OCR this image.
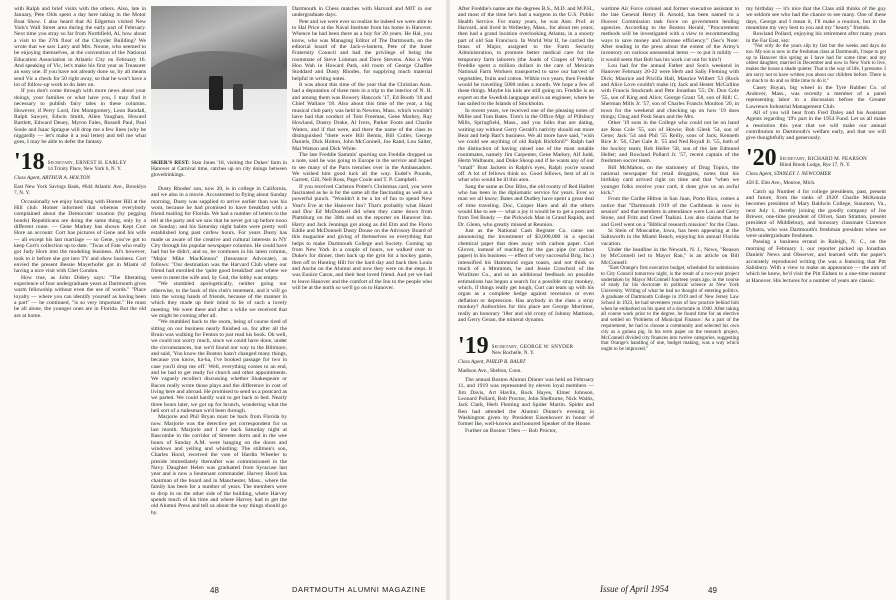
with Ralph and brief visits with the others. Also, late in January, Pete Olds spent a day here taking in the Motor Boat Show. I also heard that Al Edgerton visited New York's Wall Street area during the early part of February. Next time you stray so far from Northfield, Al, how about a visit to the 27th floor of the Chrysler Building? We wrote that we saw Larry and Mrs. Noone, who seemed to be enjoying themselves, at the convention of the National Education Association in Atlantic City on February 16. And speaking of Vic, let's make his first year as Treasurer an easy one. If you have not already done so, by all means send Vic a check for 50 right away, so that he won't have a lot of follow-up work to do later on.

If you don't come through with more news about your doings, your families or what have you, I may find it necessary to publish fairy tales in these columns. However, if Perry Lord, Jim Montgomery, Leon Randall, Ralph Sawyer, Edwin Smith, Allen Vaughan, Howard Bartlett, Edward Deuey, Myron Fales, Russell Paul, Paul Soule and Isaac Sprague will drop me a few lines (why be niggardly — let's make it a real letter) and tell me what goes, I may be able to defer the fantasy.

'18 Secretary, ERNEST H. EARLEY
14 Trinity Place, New York 6, N. Y.
Class Agent, ARTHUR A. HOLTON
East New York Savings Bank, #644 Atlantic Ave., Brooklyn 7, N. Y.

Occasionally we enjoy lunching with Homer Hill at the Hill club. Homer informed that whereas everybody complained about the Democrats' taxation (by pegging bonds) Republicans are doing the same thing, only by a different route. — Gene Markey has shown Kept Cort Hore an account: Cort has pictures of Gene and his wife — all except his last marriage — so Gene, you've got to keep Cort's collection up to date. "Twas of Fate who really got Judy Hore into the modeling business. Al's however, took to it before she got into TV and show business. Cort envied the present Bessie Mayerhofer got in Miami of having a nice visit with Chet Condon.

How true, as John Didery says: "The liberating experience of four undergraduate years at Dartmouth gives warm fellowship without even the use of words." "Place loyalty — where you can identify yourself as having been a part" — he continued, "is so very important." He must be all alone, the younger ones are in Florida. But the old are at home.

SKIER'S REST: Stan Jones '18, visiting the Dukes' farm in Hanover at Carnival time, catches up on city doings between glovedrinkings.

Dusty Rhodes' son, now 20, is in college in California, and we also in a movie. Accustomed to flying about Sunday morning, Dusty was supplied to arrive earlier than was his wont, because he had promised to have breakfast with a friend mailing for Florida. We had a number of letters to the tell at the party and we saw that he never got up before noon on Sunday; and his Saturday night habits were pretty well established long past curfew hours. For years Dusty has made us aware of the creative and cultural interests in NY City through his popular newspaper columns. He could have had but he didn't, and so, he continues in his latest column, "Major Mike MacKinnon" (Insurance Advocate), as follows: "Our destination was the Harvard Club where our friend had enrolled the 'quite good breakfast' and where we were to meet the wife and, by God, the lobby was empty.

"We stumbled apologetically, neither going nor otherwise, to the back of this club's tenement, and it will go into the wrong hands of friends, because of the manner in which they made up their mind to be of such a lovely meeting. We were there and after a while we received that we might be coming after all.

"We stumbled back to the room, being of course tired of sitting on our business nearly finished so, for after all the Bruin was walking for Fenton to just read his book. Oh well, we could not worry much, since we could have done, under the circumstances, but we'd found our way to the Biltmore, and said, 'You know the Boston hasn't changed many things, because you know, ha-ha, I've booked passage for two in case you'll drop me off.' Well, everything comes to an end, and he had to get ready for church and other appointments. We vaguely recollect discussing whether Shakespeare or Bacon really wrote those plays and the difference in cost of living here and abroad. He promised to send us a postcard as we parted. We could hardly wait to get back to bed. Nearly three hours later, we got up for brunch, wondering what the hell sort of a rudesman we'd been through.

Marjorie and Phil Bryan must be back from Florida by now. Marjorie was the detective pet correspondent for us last month. Marjorie and I are back Saturday night at Bascombe in the corridor of Streeter dorm and in the wee hours of Sunday A.M. were banging on the doors and windows and yelling and whistling. The stillmen's son, Charles Hood, received the vote of Hardin Wheeler to preside immediately thereafter was commissioned in the Navy. Daughter Helen was graduated from Syracuse last year and is now a lieutenant commander. Harvey Hood has chairman of the board and in Manchester, Mass., where the family has been for a number of years. The members were to drop in on the other side of the building, where Harvey spends much of his time and where Harvey had to get the old Alumni Press and tell us about the way things should go by.

Dartmouth in Chess matches with Harvard and MIT in our undergraduate days.

Pete and we were ever so realize he indeed we were able to to Hal Price at the Naval Institute from his home in Hanover. Whence he had been there as a boy for 20 years. He Hal, you know, who was Managing Editor of The Dartmouth, on the editorial board of the Jack-o-lantern, Pete of the Inner Fraternity Council and had the privilege of being the roommate of Steve Lohman and Dave Stevens. Also a Wah Hoo Wah in Howard Park, old room of George Chaffee Stoddard and Dusty Rhodes, for supplying much material helpful in writing notes.

It was about this time of the year that the Christian Assn. had a deputation of three men in a trip to the interior of N. H. and among them was Bowery Hancock '17, Ed Booth '18 and Chief Wallace '18. Also about this time of the year, a big musical club party was held in Newton, Mass. which wouldn't have had that conduct of Tom Freeman, Gene Markey, Ray Howland, Dustry Drake, Al Ivers, Parker Foote and Charlie Waters, and if that were, and there the name of the class to distinguished "there were Bill Bemis, Bill Cutler, George Daniels, Dick Holton, John McConnell, Joe Rand, Lou Salter, Mal Watson and Dick White.

The late Freddie Sammis' sporting son Freddie dropped us a note, said he was going to Europe in the service and hoped to see many of the Paris trenches over in the Ambassadors. We wished him good luck all the way. Eudel's Pounds, Garrett, Gill, Nell Ross, Page Coole and T. P. Campbell.

If you received Carleton Potter's Christmas card, you were fascinated as he is for the same all the fascinating as well as a powerful punch. "Wouldn't it be a lot of fun to spend New Year's Eve at the Hanover Inn? That's probably what Hazel and Doc Ed McDonnell did when they came down from Plattsburg on the 30th and on the reporter on Hanover Inn. Harry and Jack Jennings got along as did Elm and the Florio Eddie and McDonnell Dusty Douse on the Advisory Board of this magazine and giving of themselves so everything that helps to make Dartmouth College and Society. Coming up from New York in a couple of hours, we walked over to Duke's for dinner, then back up the gym for a hockey game, then off to Hunting Hill for the hard day and back then Louis and Aoche on the Alumni and now they were on the steps. It was Eunice Caton, and their best loved friend. And yet we had to leave Hanover and the comfort of the Inn to the people who will be at the north so we'll go on to Hanover.

48	DARTMOUTH ALUMNI MAGAZINE

After Freddie's name are the degrees B.S., M.D. and M.P.H., and most of the time he's had a surgeon in the U.S. Public Health Service. For many years, he was Asst. Prof. at Harvard, and lived in Wellesley, Mass., for about ten years; then had a grand location overlooking Atlanta, in a snooty part of old San Francisco. In World War II, he carried the brass of Major, assigned to the Farm Security Administration, to promote better medical care for the temporary farm laborers (the Joads of Grapes of Wrath). Freddie spent a million dollars in the care of Mexican National Farm Workers transported to save our harvest of vegetables, fruits and cotton. Within two years, then Freddie would be travelling 5000 miles a month. We hope a few of these things. Maybe his kids are still going on. Freddie is an expert on the Swedish language and is an engineer, where he has sailed to the Islands of Stockholm.

In recent years, we received one of the pleasing notes of Millie and Tom Bates. Tom's in the Office Mgr. of Pillsbury Mills, Springfield, Mass., and you folks that are dating, waiting say without Gerry Gerald's nativity should eat more Bear and help Bart's business. We all more have said, "wish we could see anything of old Ralph Bickford?" Ralph had the distinction of having raised one of the most notable roommates, namely Jim Carpenter, Gene Markey, Alf Judd, Herm Walbaum, and Duke Shoup and if he wants any of our "small" Bust Jackets in Ralph's eyes, Ralph you're sound off. A lot of fellows think so. Good fellows, best of all is what who would be ill this area.

Sang the same as Doc Bliss, the old roomy of Red Hallett who has been in the diplomatic service for years. Ever so man we all know; Bates and Dudley have spent a great deal of time traveling. Doc, Cooper Hare and all the others would like to see — what a joy it would be to get a postcard from Ted Bundy — the Pickwick Man in Grand Rapids, and Dr. Glenn, who greatly missed at Reunion.

Just as the National Cash Register Co. came out announcing the investment of $3,000,000 in a special chemical paper that does away with carbon paper. Curt Glover, instead of reaching for the gas pipe (or carbon paper) in his business — effect of very successful Brig. Inc.) intensified his Hammond organ toasts, and not think so much of a Mmmmm, he and Jessie Crawford of the Wurlitzer Co., and so an additional feedback on possible estimations has begun a search for a possible stray monkey, which, if things really get tough, Curt can team up with his organ as a complete hedge against recession or even deflation or depression. Has anybody in the class a stray monkey? Authorities for this place are George Mortimer, really an honorary '18er and old crony of Johnny Mattison, and Gerry Geran, the mineral dynamo.

'19 Secretary, GEORGE W. SNYDER
New Rochelle, N. Y.
Class Agent, PHILIP B. BALBT
Madison Ave., Shelton, Conn.

The annual Boston Alumni Dinner was held on February 11, and 1919 was represented by eleven loyal members — Jim Davis, Art Havlin, Rock Hayes, Elmer Johnson, Leonard Pollard, Bob Proctor, John Shelburne, Nick Waltis, Jack Clark, Herb Fleming and Spider Martin. Spider and Ben had attended the Alumni Dinner's evening in Washington given by President Eisenhower in honor of former Ike, well-known and honored Speaker of the House.

Further on Boston '19ers — Bob Proctor,

wartime Air Force colonel and former executive assistant to the late General Henry H. Arnold, has been named to a Hoover Commission task force on government lending agencies. According to the Boston Herald, "Procurement methods will be investigated with a view to recommending ways to save money and increase efficiency." (Sec's Note: After reading in the press about the extent of the Army's inventory on various unessential items — to put it mildly — it would seem that Bob has his work cut out for him!)

Lou had for the annual Father and Son's weekend in Hanover February 20-22 were Herb and Sally Fleming with Dick; Maurice and Pricilla Hall, Maurice Wilbert '53 (Rock and Alice Love couldn't make it); Jack and Hester McCollins with Francis Stuckrath and Pete Jonathan '55; Dr. Don Cole '55, son of King and Alice; George Grant '58, son of Bill; C. Sherman Mills Jr. '57, son of Charles Francis Moulton '20, in town for the weekend and checking up on how '19 does things; Chug and Posh Sears and the Mrs.

Other '19 sons in the College who could not be on hand are Ross Cole '55, son of Howie; Bob Glesk '54, son of Gene; Jack '54 and Phil '55 Reilly, sons of Jack; Kenneth Rice Jr. '56, Chet Gale Jr. '55 and Ned Royall Jr. '55, both of the hockey team; Bob Heller '58, son of the late Edmund Heller; and Rowland Pollard Jr. '57, recent captain of the freshmen soccer team.

Bill McMahon, on the stationery of Drug Topics, the national newspaper for retail druggists, notes that his birthday card arrived right on time and that "when we younger folks receive your card, it does give us an awful kick."

From the Caribe Hilton in San Juan, Porto Rico, comes a notice that "Dartmouth 1919 of the Caribbean is now in session" and that members in attendance were Lou and Gerry Stone, and Fritz and Greef Tsakini. Lou also claims that he and Greif went on a "Biblical research mission" for the Class.

Si Stein of Muscatine, Iowa, has been appearing at the Saltsworth in the Miami Beach, enjoying his annual Florida vacation.

Under the headline in the Newark, N. J., News, "Reason by McConnell led to Mayor Ran," is an article on Bill McConnell:

"East Orange's first executive budget, scheduled for submission to City Council tomorrow night, is the result of a two-year project undertaken by Mayor McConnell fourteen years ago, in the course of study for his doctorate in political science at New York University. Writing of what he had no thought of entering politics. A graduate of Dartmouth College in 1919 and of New Jersey Law School in 1923, he had seventeen years of law practice behind him when he embarked on his quest of a doctorate in 1940. After taking all course work prior to the degree, he found time for an elective and settled on 'Problems of Municipal Finance.' As a part of the requirement, he had to choose a community and selected his own city as a guinea pig. In his term paper on the research project, McConnell divided city finances into twelve categories, suggesting that Orange's handling of one, budget making, was a way which ought to be improved."

my birthday — it's nice that the Class still thinks of the guy we seldom see who had the chance to see many. One of these days, George and I mean it, I'll make a reunion, but in the meantime my very best to you and my "hearty" friends.

Rowland Pollard, enjoying his retirement after many years in the Far East, sez:

"Not only do the years slip by fast but the weeks and days do too. My son is now in the freshman class at Dartmouth, I hope to get up to Hanover this spring as I have had for some time; and my oldest daughter, married in December and now in New York to live, makes the house a shade quieter. That is the way of life, I presume. I am sorry not to have written you about our children before. There is so much to do and so little time to do it."

Casey Boyan, big wheel in the Tyre Rubber Co. of Andover, Mass., was recently a member of a panel representing labor in a discussion before the Greater Lawrence Industrial Management Club.

All of you will hear from Fred Daley and his Assistant Agents regarding '19's part in the 1954 Fund. Let us all make a resolution this year that we will make our annual contribution to Dartmouth's welfare early, and that we will give thoughtfully and generously.

'20 Secretary, RICHARD M. PEARSON
Blind Brook Lodge, Rye 17, N. Y.
Class Agent, STANLEY J. NEWCOMER
458 E. Elm Ave., Monroe, Mich.

Catch up Number 4 for college presidents, past, present and future, from the ranks of 1920! Charlie McKenzie becomes president of Mary Baldwin College, Staunton, Va., next July 1, thereby joining the goodly company of Joe Brewer, one-time president of Olivet, Sam Stratton, present president of Middlebury, and honorary classmate Clarence Dykstra, who was Dartmouth's freshman president when we were undergraduate freshmen.

Passing a business errand in Raleigh, N. C., on the morning of February 1, our reporter picked up Jonathan Daniels' News and Observer, and learned with the paper's accurately reproduced writing (he was a featuring that Pitt Salisbury. With a view to make an appearance — the aim of which he knew, he'd visit the Pitt Eidsen to a one-time mentor at Hanover. His lectures for a number of years are classic.

Issue of April 1954	49
